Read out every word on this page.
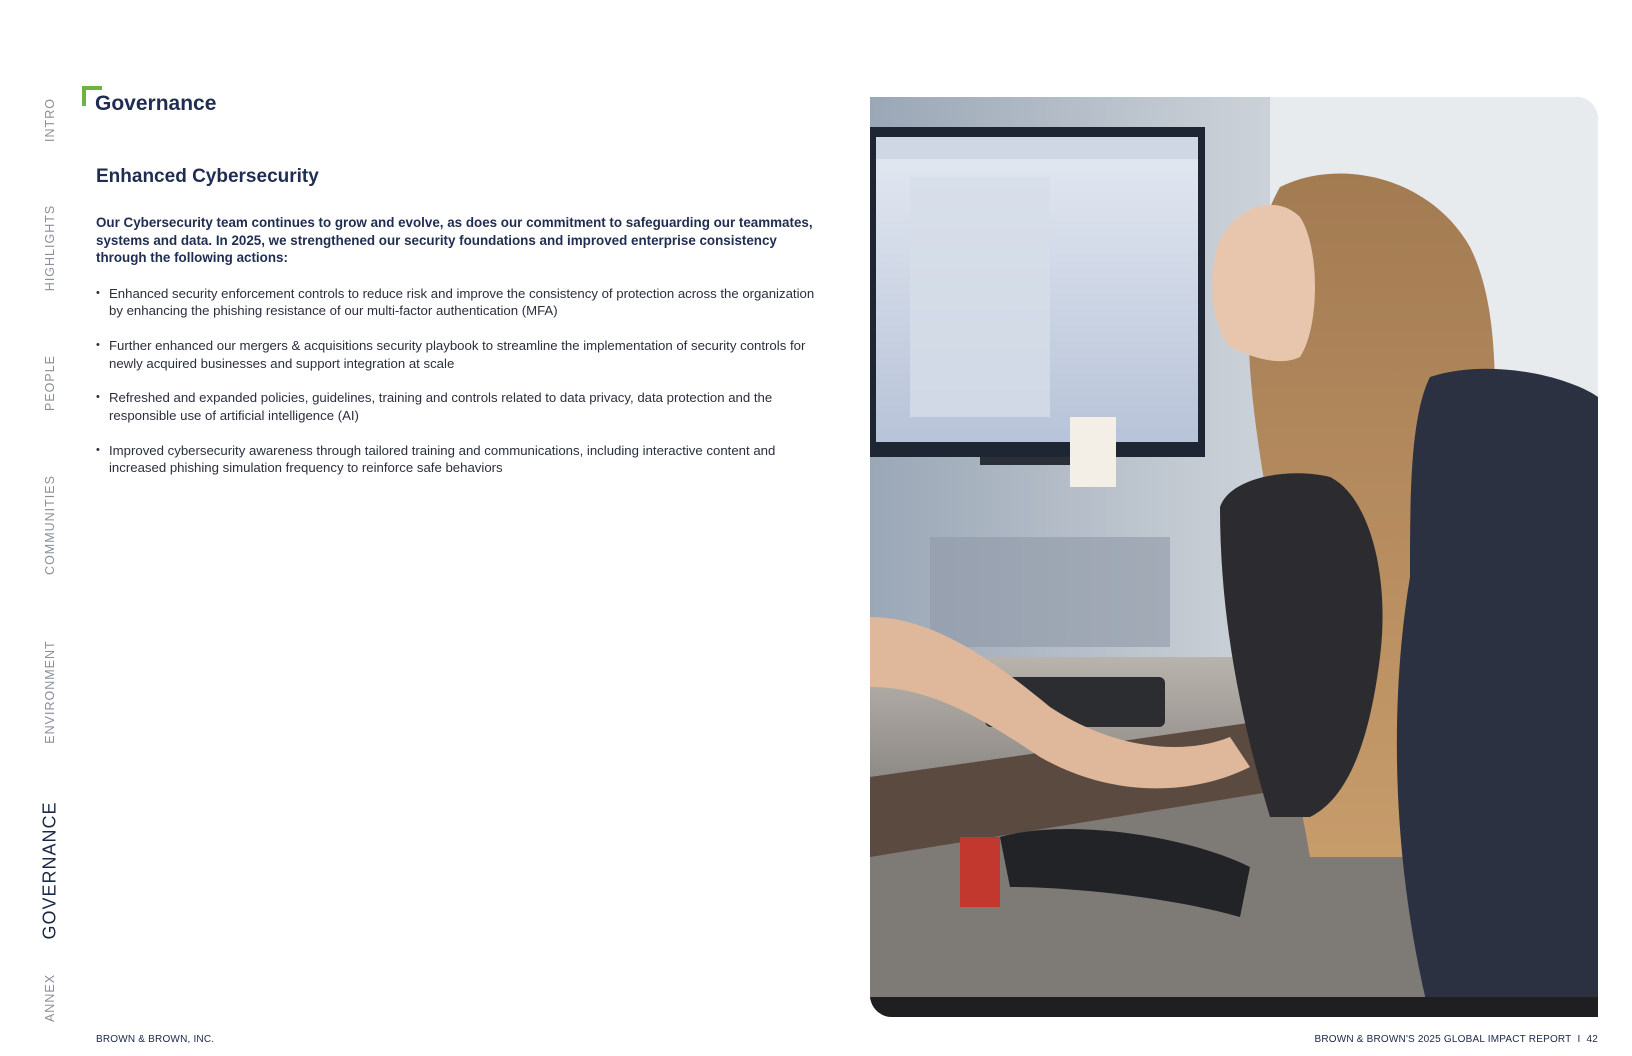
INTRO
HIGHLIGHTS
PEOPLE
COMMUNITIES
ENVIRONMENT
GOVERNANCE
ANNEX
Governance
Enhanced Cybersecurity

Our Cybersecurity team continues to grow and evolve, as does our commitment to safeguarding our teammates, systems and data. In 2025, we strengthened our security foundations and improved enterprise consistency through the following actions:

• Enhanced security enforcement controls to reduce risk and improve the consistency of protection across the organization by enhancing the phishing resistance of our multi-factor authentication (MFA)
• Further enhanced our mergers & acquisitions security playbook to streamline the implementation of security controls for newly acquired businesses and support integration at scale
• Refreshed and expanded policies, guidelines, training and controls related to data privacy, data protection and the responsible use of artificial intelligence (AI)
• Improved cybersecurity awareness through tailored training and communications, including interactive content and increased phishing simulation frequency to reinforce safe behaviors
BROWN & BROWN, INC.	BROWN & BROWN'S 2025 GLOBAL IMPACT REPORT I 42
